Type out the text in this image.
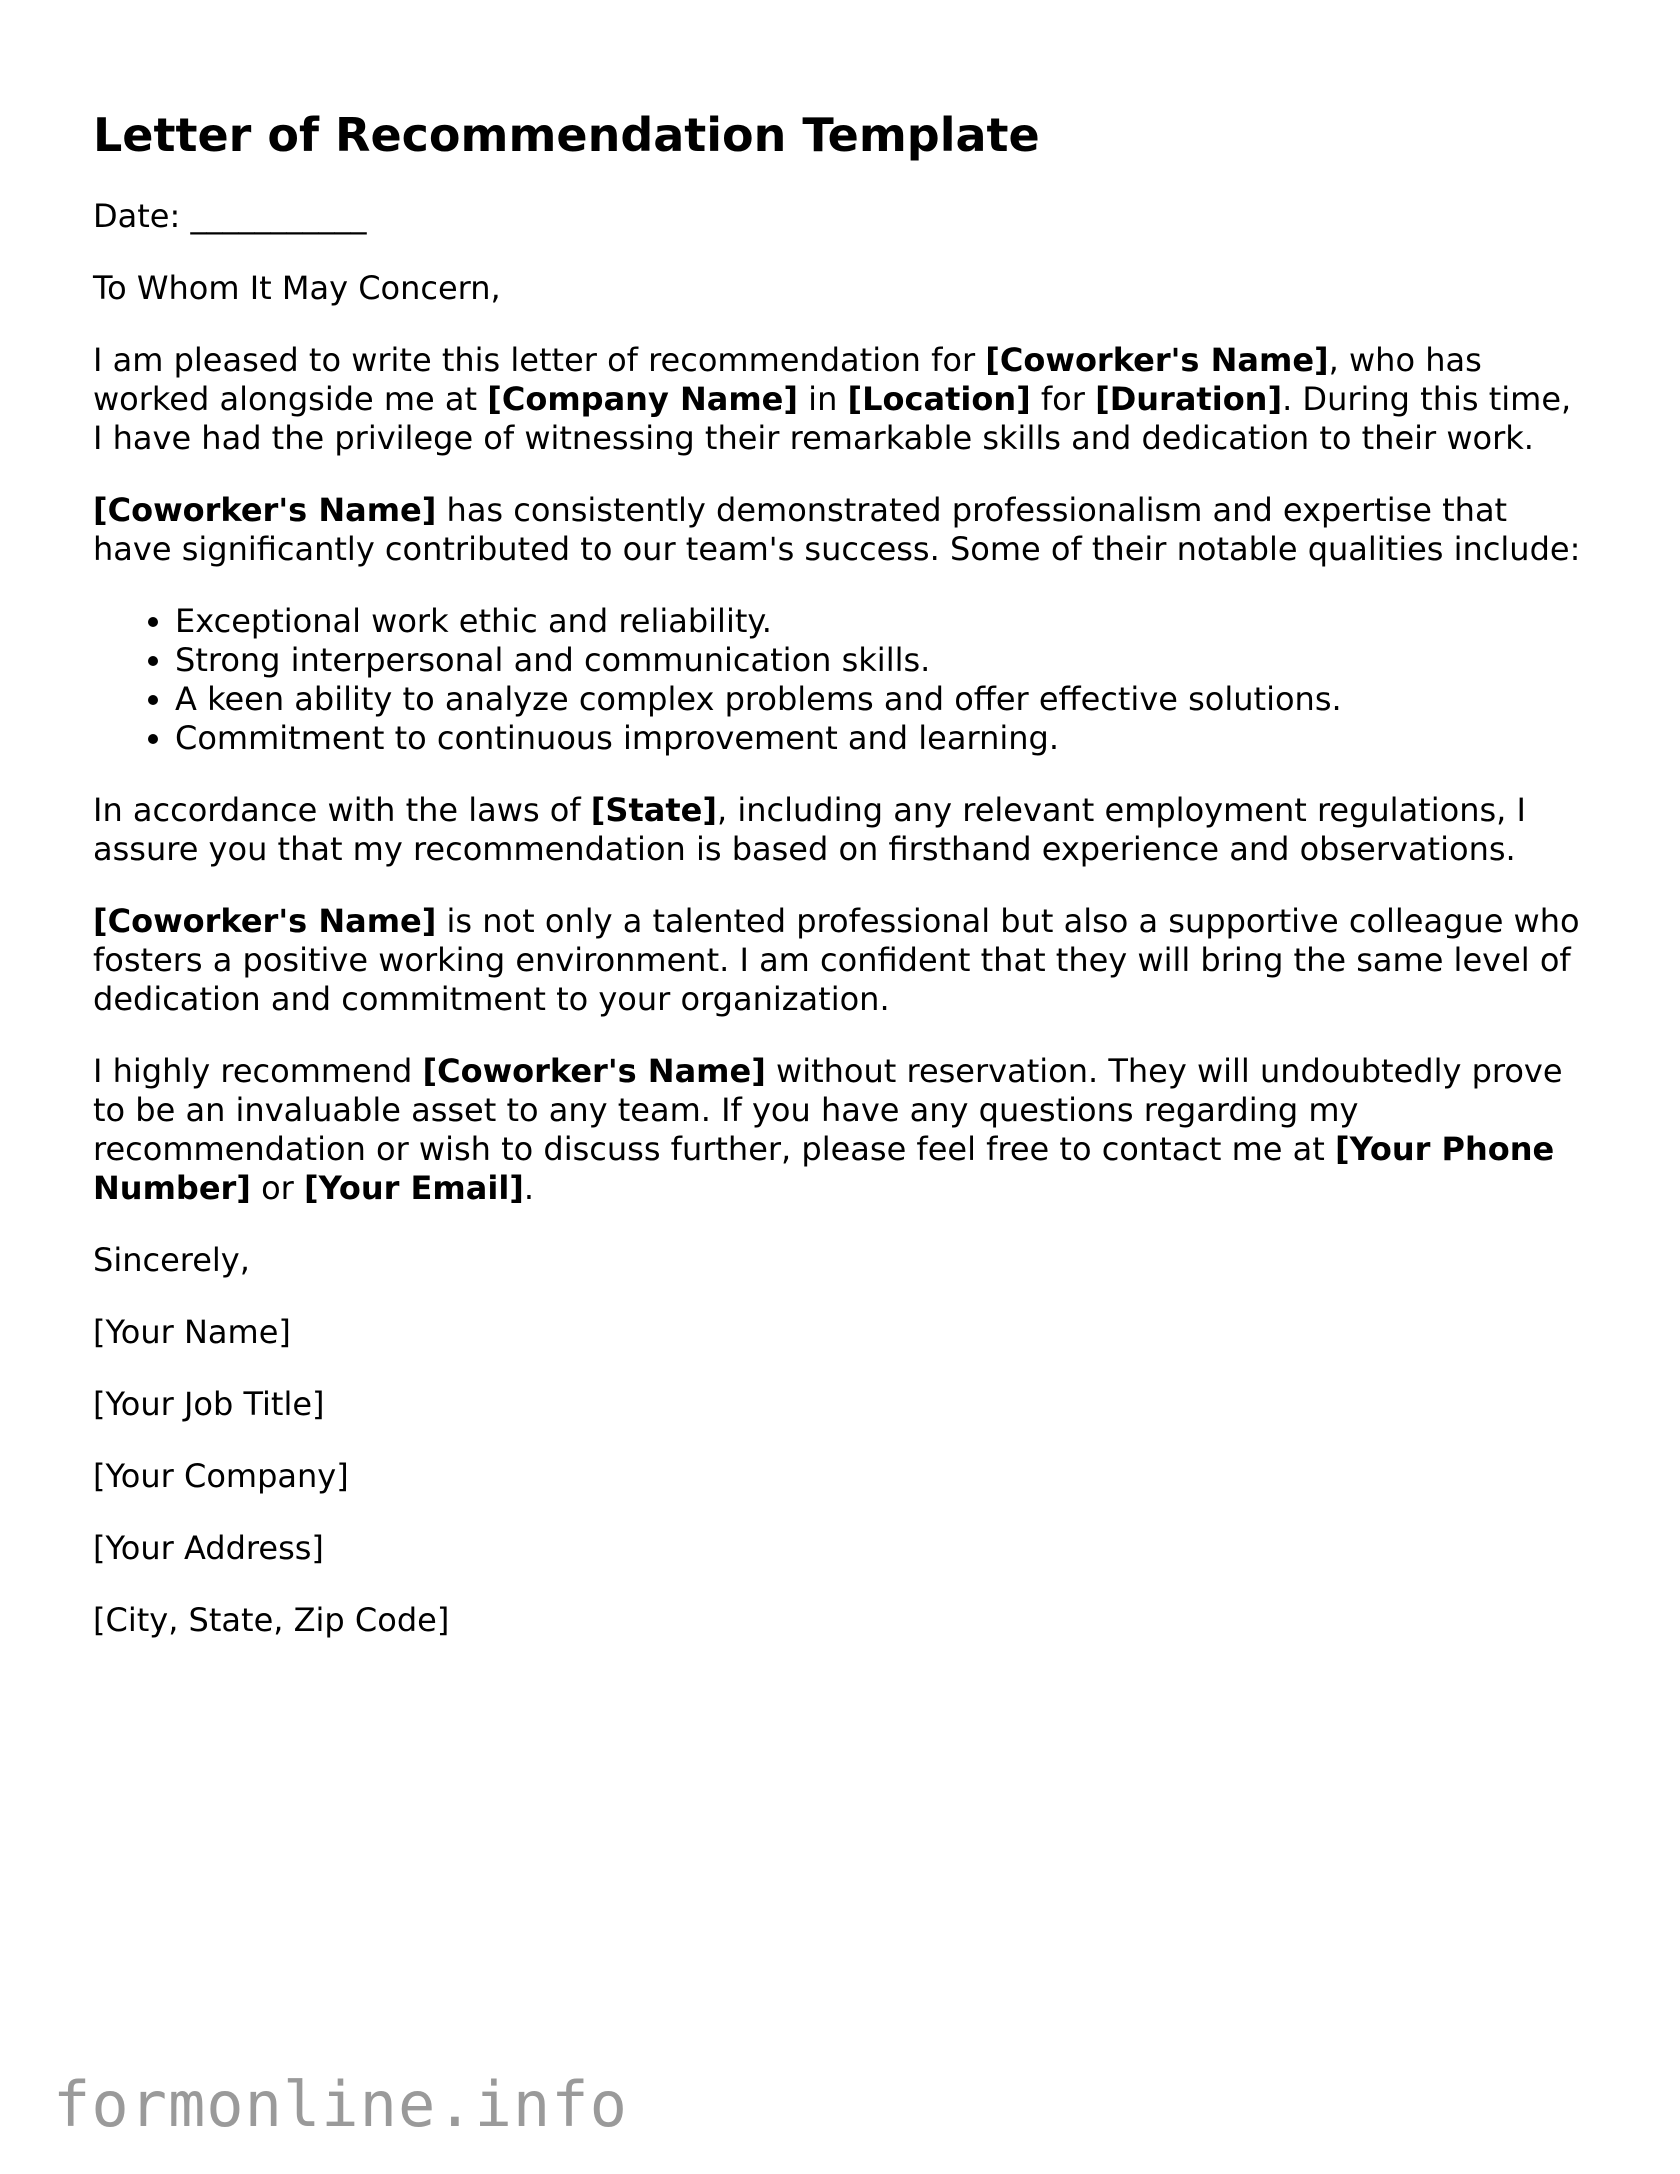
Letter of Recommendation Template

Date: ___________

To Whom It May Concern,

I am pleased to write this letter of recommendation for [Coworker's Name], who has worked alongside me at [Company Name] in [Location] for [Duration]. During this time, I have had the privilege of witnessing their remarkable skills and dedication to their work.

[Coworker's Name] has consistently demonstrated professionalism and expertise that have significantly contributed to our team's success. Some of their notable qualities include:

• Exceptional work ethic and reliability.
• Strong interpersonal and communication skills.
• A keen ability to analyze complex problems and offer effective solutions.
• Commitment to continuous improvement and learning.

In accordance with the laws of [State], including any relevant employment regulations, I assure you that my recommendation is based on firsthand experience and observations.

[Coworker's Name] is not only a talented professional but also a supportive colleague who fosters a positive working environment. I am confident that they will bring the same level of dedication and commitment to your organization.

I highly recommend [Coworker's Name] without reservation. They will undoubtedly prove to be an invaluable asset to any team. If you have any questions regarding my recommendation or wish to discuss further, please feel free to contact me at [Your Phone Number] or [Your Email].

Sincerely,

[Your Name]

[Your Job Title]

[Your Company]

[Your Address]

[City, State, Zip Code]

formonline.info
